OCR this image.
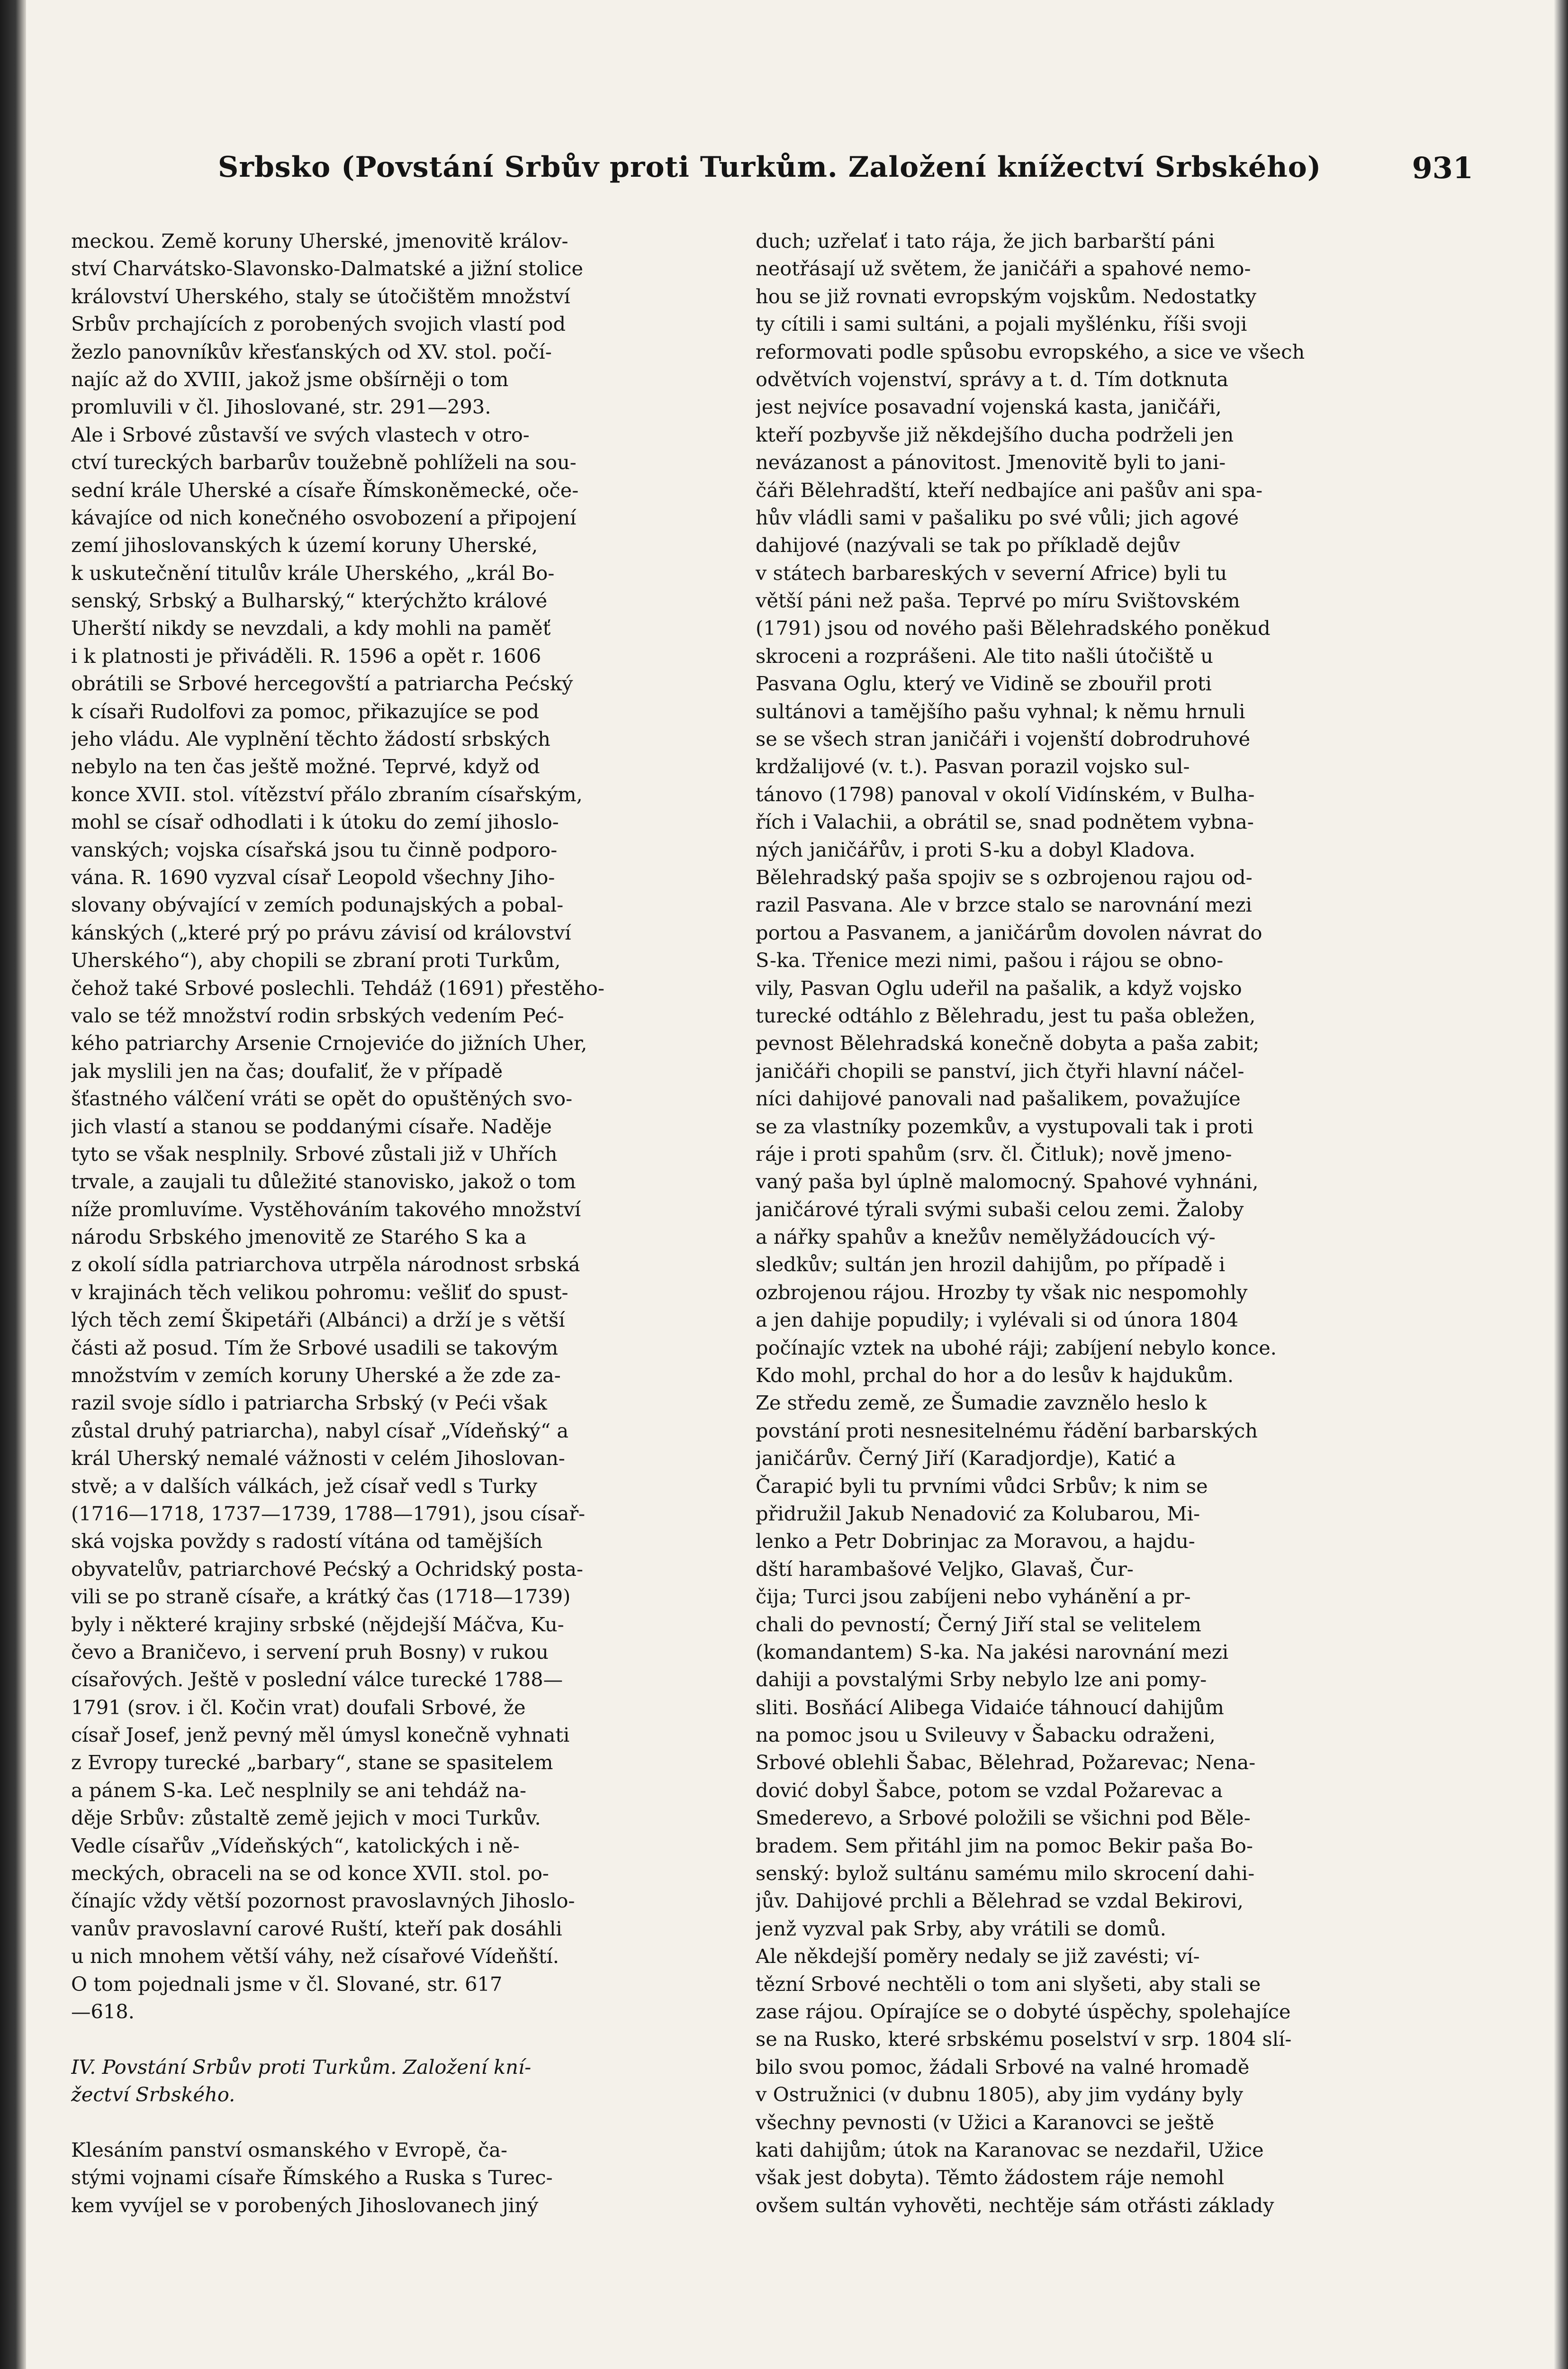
Srbsko (Povstání Srbův proti Turkům. Založení knížectví Srbského)	931
meckou. Země koruny Uherské, jmenovitě králov-
ství Charvátsko-Slavonsko-Dalmatské a jižní stolice
království Uherského, staly se útočištěm množství
Srbův prchajících z porobených svojich vlastí pod
žezlo panovníkův křesťanských od XV. stol. počí-
najíc až do XVIII, jakož jsme obšírněji o tom
promluvili v čl. Jihoslované, str. 291—293.
Ale i Srbové zůstavší ve svých vlastech v otro-
ctví tureckých barbarův toužebně pohlíželi na sou-
sední krále Uherské a císaře Římskoněmecké, oče-
kávajíce od nich konečného osvobození a připojení
zemí jihoslovanských k území koruny Uherské,
k uskutečnění titulův krále Uherského, „král Bo-
senský, Srbský a Bulharský,“ kterýchžto králové
Uherští nikdy se nevzdali, a kdy mohli na paměť
i k platnosti je přiváděli. R. 1596 a opět r. 1606
obrátili se Srbové hercegovští a patriarcha Pećský
k císaři Rudolfovi za pomoc, přikazujíce se pod
jeho vládu. Ale vyplnění těchto žádostí srbských
nebylo na ten čas ještě možné. Teprvé, když od
konce XVII. stol. vítězství přálo zbraním císařským,
mohl se císař odhodlati i k útoku do zemí jihoslo-
vanských; vojska císařská jsou tu činně podporo-
vána. R. 1690 vyzval císař Leopold všechny Jiho-
slovany obývající v zemích podunajských a pobal-
kánských („které prý po právu závisí od království
Uherského“), aby chopili se zbraní proti Turkům,
čehož také Srbové poslechli. Tehdáž (1691) přestěho-
valo se též množství rodin srbských vedením Peć-
kého patriarchy Arsenie Crnojeviće do jižních Uher,
jak myslili jen na čas; doufaliť, že v případě
šťastného válčení vráti se opět do opuštěných svo-
jich vlastí a stanou se poddanými císaře. Naděje
tyto se však nesplnily. Srbové zůstali již v Uhřích
trvale, a zaujali tu důležité stanovisko, jakož o tom
níže promluvíme. Vystěhováním takového množství
národu Srbského jmenovitě ze Starého S ka a
z okolí sídla patriarchova utrpěla národnost srbská
v krajinách těch velikou pohromu: vešliť do spust-
lých těch zemí Škipetáři (Albánci) a drží je s větší
části až posud. Tím že Srbové usadili se takovým
množstvím v zemích koruny Uherské a že zde za-
razil svoje sídlo i patriarcha Srbský (v Peći však
zůstal druhý patriarcha), nabyl císař „Vídeňský“ a
král Uherský nemalé vážnosti v celém Jihoslovan-
stvě; a v dalších válkách, jež císař vedl s Turky
(1716—1718, 1737—1739, 1788—1791), jsou císař-
ská vojska povždy s radostí vítána od tamějších
obyvatelův, patriarchové Pećský a Ochridský posta-
vili se po straně císaře, a krátký čas (1718—1739)
byly i některé krajiny srbské (nějdejší Máčva, Ku-
čevo a Braničevo, i servení pruh Bosny) v rukou
císařových. Ještě v poslední válce turecké 1788—
1791 (srov. i čl. Kočin vrat) doufali Srbové, že
císař Josef, jenž pevný měl úmysl konečně vyhnati
z Evropy turecké „barbary“, stane se spasitelem
a pánem S-ka. Leč nesplnily se ani tehdáž na-
děje Srbův: zůstaltě země jejich v moci Turkův.
Vedle císařův „Vídeňských“, katolických i ně-
meckých, obraceli na se od konce XVII. stol. po-
čínajíc vždy větší pozornost pravoslavných Jihoslo-
vanův pravoslavní carové Ruští, kteří pak dosáhli
u nich mnohem větší váhy, než císařové Vídeňští.
O tom pojednali jsme v čl. Slované, str. 617
—618.
IV. Povstání Srbův proti Turkům. Založení kní-
žectví Srbského.
Klesáním panství osmanského v Evropě, ča-
stými vojnami císaře Římského a Ruska s Turec-
kem vyvíjel se v porobených Jihoslovanech jiný
duch; uzřelať i tato rája, že jich barbarští páni
neotřásají už světem, že janičáři a spahové nemo-
hou se již rovnati evropským vojskům. Nedostatky
ty cítili i sami sultáni, a pojali myšlénku, říši svoji
reformovati podle spůsobu evropského, a sice ve všech
odvětvích vojenství, správy a t. d. Tím dotknuta
jest nejvíce posavadní vojenská kasta, janičáři,
kteří pozbyvše již někdejšího ducha podrželi jen
nevázanost a pánovitost. Jmenovitě byli to jani-
čáři Bělehradští, kteří nedbajíce ani pašův ani spa-
hův vládli sami v pašaliku po své vůli; jich agové
dahijové (nazývali se tak po příkladě dejův
v státech barbareských v severní Africe) byli tu
větší páni než paša. Teprvé po míru Svištovském
(1791) jsou od nového paši Bělehradského poněkud
skroceni a rozprášeni. Ale tito našli útočiště u
Pasvana Oglu, který ve Vidině se zbouřil proti
sultánovi a tamějšího pašu vyhnal; k němu hrnuli
se se všech stran janičáři i vojenští dobrodruhové
krdžalijové (v. t.). Pasvan porazil vojsko sul-
tánovo (1798) panoval v okolí Vidínském, v Bulha-
řích i Valachii, a obrátil se, snad podnětem vybna-
ných janičářův, i proti S-ku a dobyl Kladova.
Bělehradský paša spojiv se s ozbrojenou rajou od-
razil Pasvana. Ale v brzce stalo se narovnání mezi
portou a Pasvanem, a janičárům dovolen návrat do
S-ka. Třenice mezi nimi, pašou i rájou se obno-
vily, Pasvan Oglu udeřil na pašalik, a když vojsko
turecké odtáhlo z Bělehradu, jest tu paša obležen,
pevnost Bělehradská konečně dobyta a paša zabit;
janičáři chopili se panství, jich čtyři hlavní náčel-
níci dahijové panovali nad pašalikem, považujíce
se za vlastníky pozemkův, a vystupovali tak i proti
ráje i proti spahům (srv. čl. Čitluk); nově jmeno-
vaný paša byl úplně malomocný. Spahové vyhnáni,
janičárové týrali svými subaši celou zemi. Žaloby
a nářky spahův a knežův nemělyžádoucích vý-
sledkův; sultán jen hrozil dahijům, po případě i
ozbrojenou rájou. Hrozby ty však nic nespomohly
a jen dahije popudily; i vylévali si od února 1804
počínajíc vztek na ubohé ráji; zabíjení nebylo konce.
Kdo mohl, prchal do hor a do lesův k hajdukům.
Ze středu země, ze Šumadie zavznělo heslo k
povstání proti nesnesitelnému řádění barbarských
janičárův. Černý Jiří (Karadjordje), Katić a
Čarapić byli tu prvními vůdci Srbův; k nim se
přidružil Jakub Nenadović za Kolubarou, Mi-
lenko a Petr Dobrinjac za Moravou, a hajdu-
dští harambašové Veljko, Glavaš, Čur-
čija; Turci jsou zabíjeni nebo vyhánění a pr-
chali do pevností; Černý Jiří stal se velitelem
(komandantem) S-ka. Na jakési narovnání mezi
dahiji a povstalými Srby nebylo lze ani pomy-
sliti. Bosňácí Alibega Vidaiće táhnoucí dahijům
na pomoc jsou u Svileuvy v Šabacku odraženi,
Srbové oblehli Šabac, Bělehrad, Požarevac; Nena-
dović dobyl Šabce, potom se vzdal Požarevac a
Smederevo, a Srbové položili se všichni pod Běle-
bradem. Sem přitáhl jim na pomoc Bekir paša Bo-
senský: bylož sultánu samému milo skrocení dahi-
jův. Dahijové prchli a Bělehrad se vzdal Bekirovi,
jenž vyzval pak Srby, aby vrátili se domů.
Ale někdejší poměry nedaly se již zavésti; ví-
tězní Srbové nechtěli o tom ani slyšeti, aby stali se
zase rájou. Opírajíce se o dobyté úspěchy, spolehajíce
se na Rusko, které srbskému poselství v srp. 1804 slí-
bilo svou pomoc, žádali Srbové na valné hromadě
v Ostružnici (v dubnu 1805), aby jim vydány byly
všechny pevnosti (v Užici a Karanovci se ještě
kati dahijům; útok na Karanovac se nezdařil, Užice
však jest dobyta). Těmto žádostem ráje nemohl
ovšem sultán vyhověti, nechtěje sám otřásti základy
